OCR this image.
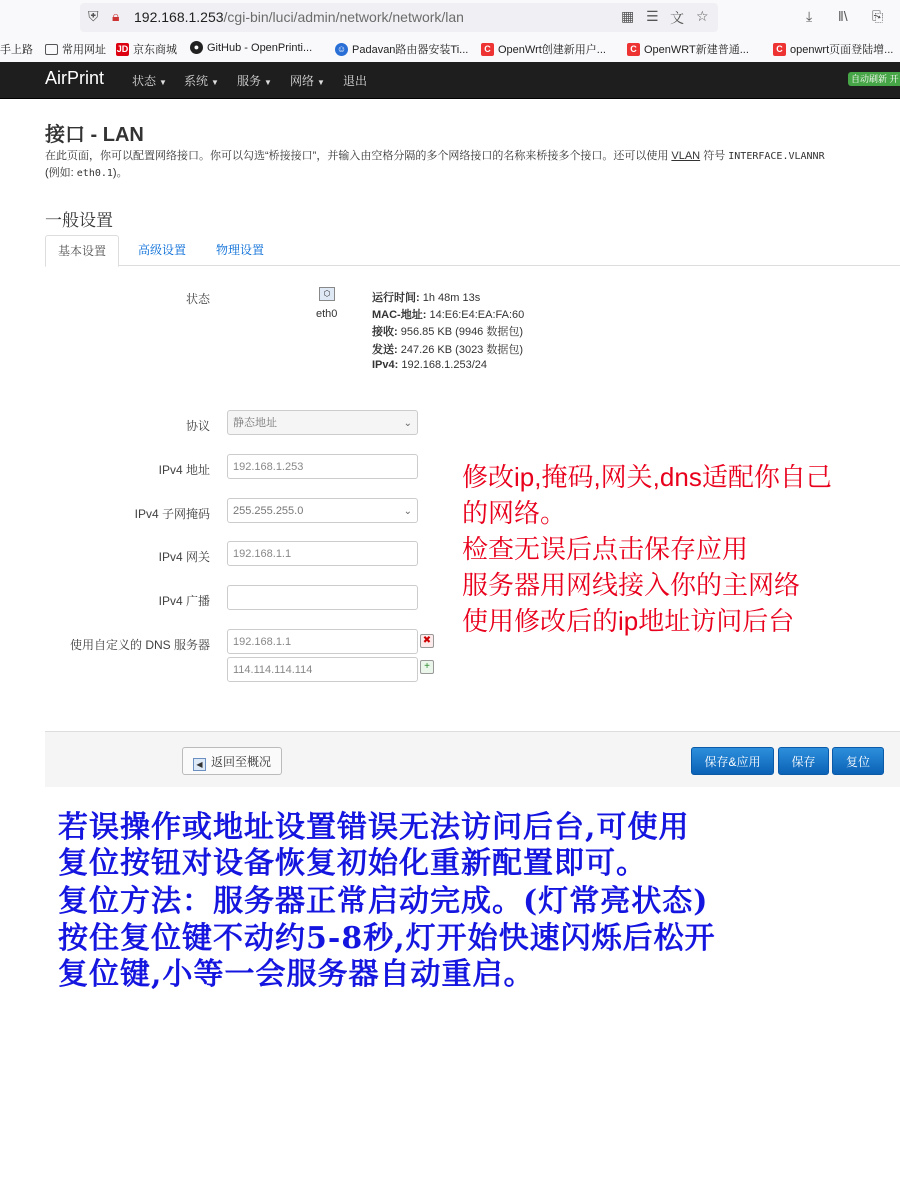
⛨ 🔒︎ 192.168.1.253/cgi-bin/luci/admin/network/network/lan	▦ ☰ 文 ☆	⤓ ‖\ ⎘
手上路	常用网址 JD 京东商城	● GitHub - OpenPrinti...	☺ Padavan路由器安装Ti...	C OpenWrt创建新用户...	C OpenWRT新建普通...	C openwrt页面登陆增...
AirPrint 状态 ▼ 系统 ▼ 服务 ▼ 网络 ▼ 退出	自动刷新 开
接口 - LAN
在此页面，你可以配置网络接口。你可以勾选“桥接接口”，并输入由空格分隔的多个网络接口的名称来桥接多个接口。还可以使用 VLAN 符号 INTERFACE.VLANNR
(例如: eth0.1)。
一般设置
基本设置	高级设置	物理设置
状态	⬡
eth0
运行时间: 1h 48m 13s
MAC-地址: 14:E6:E4:EA:FA:60
接收: 956.85 KB (9946 数据包)
发送: 247.26 KB (3023 数据包)
IPv4: 192.168.1.253/24
协议	静态地址	⌄
IPv4 地址	192.168.1.253
IPv4 子网掩码	255.255.255.0	⌄
IPv4 网关	192.168.1.1
IPv4 广播
使用自定义的 DNS 服务器	192.168.1.1	✖
114.114.114.114	+
修改ip,掩码,网关,dns适配你自己
的网络。
检查无误后点击保存应用
服务器用网线接入你的主网络
使用修改后的ip地址访问后台
◀ 返回至概况	保存&应用	保存	复位
若误操作或地址设置错误无法访问后台,可使用
复位按钮对设备恢复初始化重新配置即可。
复位方法：服务器正常启动完成。(灯常亮状态)
按住复位键不动约5-8秒,灯开始快速闪烁后松开
复位键,小等一会服务器自动重启。
